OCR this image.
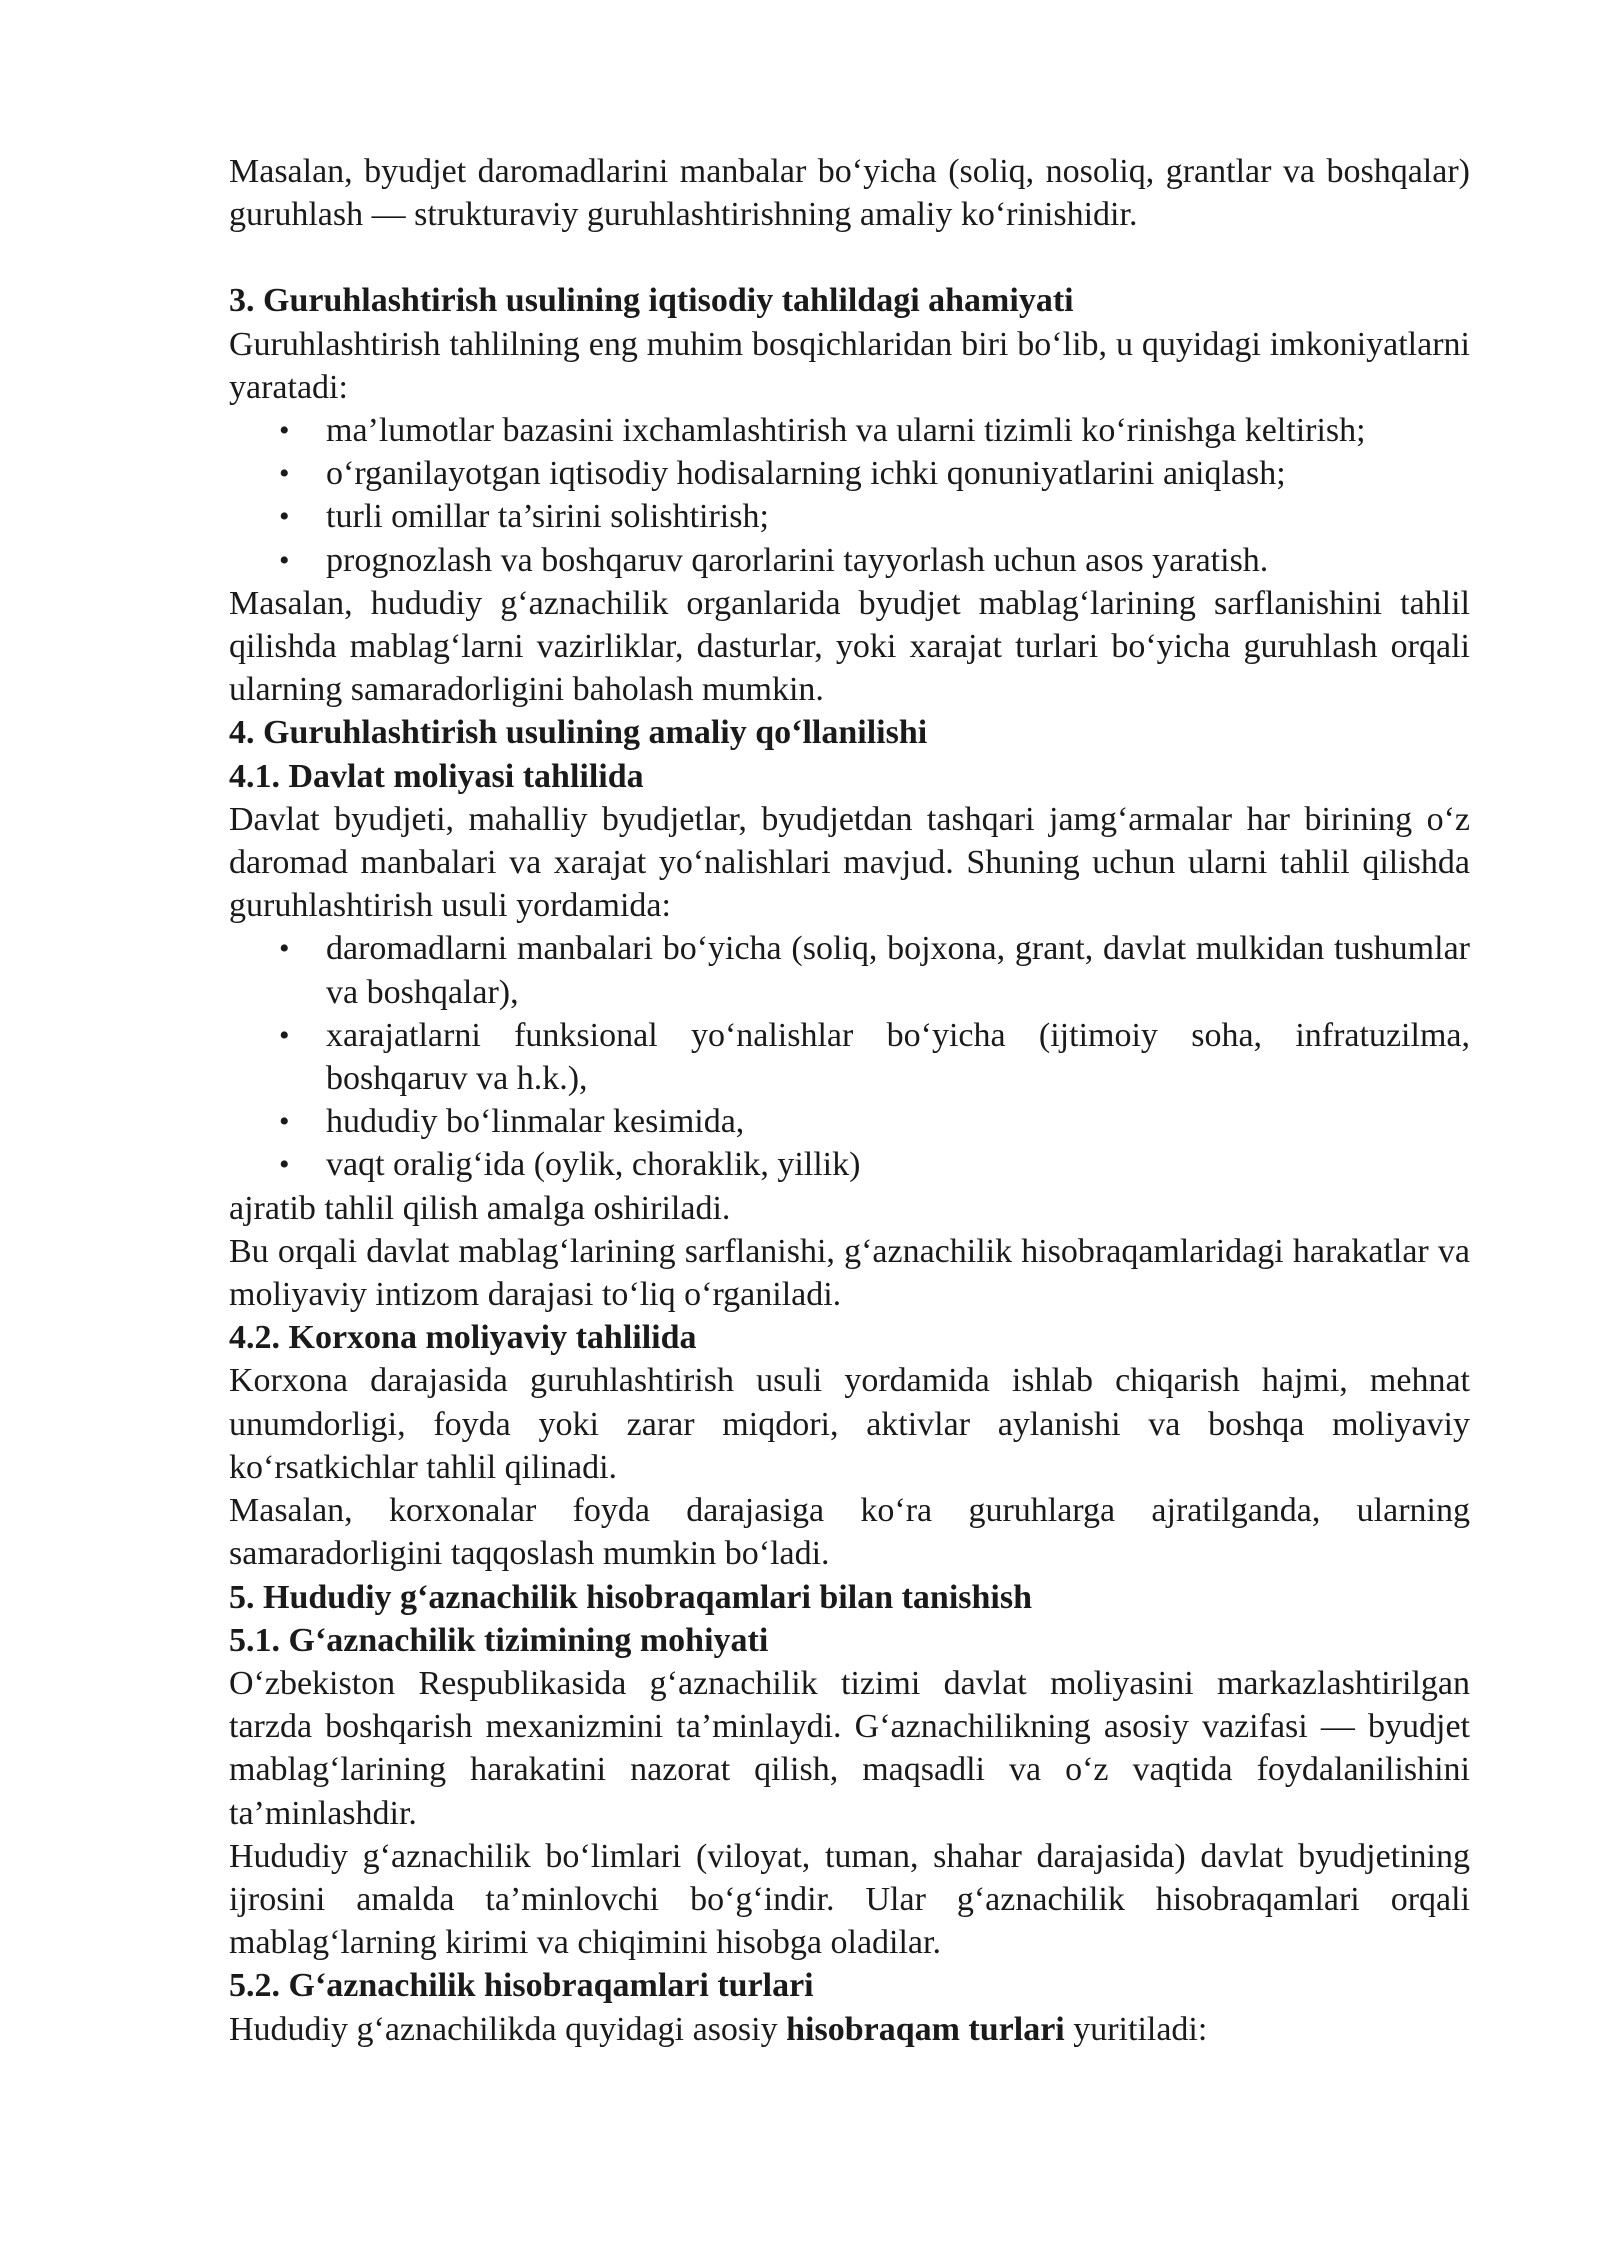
Masalan, byudjet daromadlarini manbalar bo‘yicha (soliq, nosoliq, grantlar va boshqalar) guruhlash — strukturaviy guruhlashtirishning amaliy ko‘rinishidir.

3. Guruhlashtirish usulining iqtisodiy tahlildagi ahamiyati

Guruhlashtirish tahlilning eng muhim bosqichlaridan biri bo‘lib, u quyidagi imkoniyatlarni yaratadi:

• ma’lumotlar bazasini ixchamlashtirish va ularni tizimli ko‘rinishga keltirish;
• o‘rganilayotgan iqtisodiy hodisalarning ichki qonuniyatlarini aniqlash;
• turli omillar ta’sirini solishtirish;
• prognozlash va boshqaruv qarorlarini tayyorlash uchun asos yaratish.

Masalan, hududiy g‘aznachilik organlarida byudjet mablag‘larining sarflanishini tahlil qilishda mablag‘larni vazirliklar, dasturlar, yoki xarajat turlari bo‘yicha guruhlash orqali ularning samaradorligini baholash mumkin.

4. Guruhlashtirish usulining amaliy qo‘llanilishi
4.1. Davlat moliyasi tahlilida

Davlat byudjeti, mahalliy byudjetlar, byudjetdan tashqari jamg‘armalar har birining o‘z daromad manbalari va xarajat yo‘nalishlari mavjud. Shuning uchun ularni tahlil qilishda guruhlashtirish usuli yordamida:

• daromadlarni manbalari bo‘yicha (soliq, bojxona, grant, davlat mulkidan tushumlar va boshqalar),
• xarajatlarni funksional yo‘nalishlar bo‘yicha (ijtimoiy soha, infratuzilma, boshqaruv va h.k.),
• hududiy bo‘linmalar kesimida,
• vaqt oralig‘ida (oylik, choraklik, yillik)

ajratib tahlil qilish amalga oshiriladi.

Bu orqali davlat mablag‘larining sarflanishi, g‘aznachilik hisobraqamlaridagi harakatlar va moliyaviy intizom darajasi to‘liq o‘rganiladi.

4.2. Korxona moliyaviy tahlilida

Korxona darajasida guruhlashtirish usuli yordamida ishlab chiqarish hajmi, mehnat unumdorligi, foyda yoki zarar miqdori, aktivlar aylanishi va boshqa moliyaviy ko‘rsatkichlar tahlil qilinadi.

Masalan, korxonalar foyda darajasiga ko‘ra guruhlarga ajratilganda, ularning samaradorligini taqqoslash mumkin bo‘ladi.

5. Hududiy g‘aznachilik hisobraqamlari bilan tanishish
5.1. G‘aznachilik tizimining mohiyati

O‘zbekiston Respublikasida g‘aznachilik tizimi davlat moliyasini markazlashtirilgan tarzda boshqarish mexanizmini ta’minlaydi. G‘aznachilikning asosiy vazifasi — byudjet mablag‘larining harakatini nazorat qilish, maqsadli va o‘z vaqtida foydalanilishini ta’minlashdir.

Hududiy g‘aznachilik bo‘limlari (viloyat, tuman, shahar darajasida) davlat byudjetining ijrosini amalda ta’minlovchi bo‘g‘indir. Ular g‘aznachilik hisobraqamlari orqali mablag‘larning kirimi va chiqimini hisobga oladilar.

5.2. G‘aznachilik hisobraqamlari turlari

Hududiy g‘aznachilikda quyidagi asosiy hisobraqam turlari yuritiladi:
